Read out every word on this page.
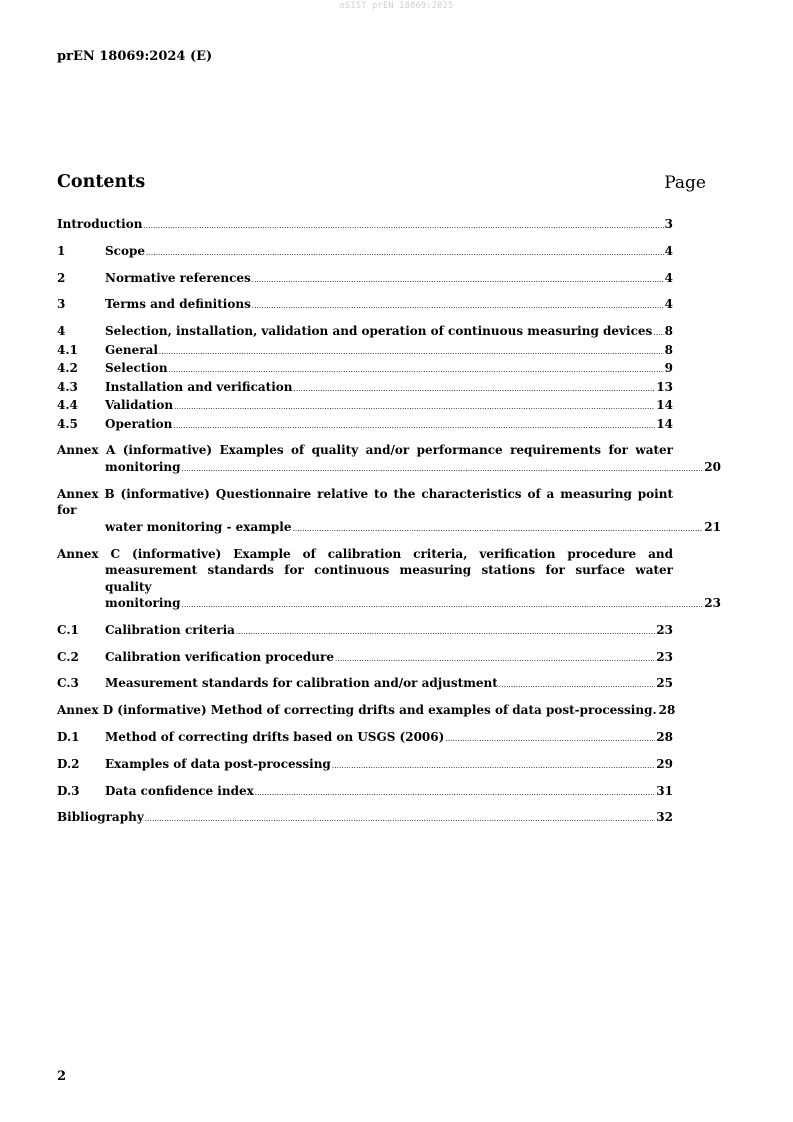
oSIST prEN 18069:2025
prEN 18069:2024 (E)
Contents	Page
Introduction .....	3
1	Scope .....	4
2	Normative references .....	4
3	Terms and definitions .....	4
4	Selection, installation, validation and operation of continuous measuring devices ..... 8
4.1	General .....	8
4.2	Selection .....	9
4.3	Installation and verification .....	13
4.4	Validation .....	14
4.5	Operation .....	14
Annex A (informative) Examples of quality and/or performance requirements for water
monitoring .....	20
Annex B (informative) Questionnaire relative to the characteristics of a measuring point for
water monitoring - example .....	21
Annex C (informative) Example of calibration criteria, verification procedure and
measurement standards for continuous measuring stations for surface water quality
monitoring .....	23
C.1	Calibration criteria .....	23
C.2	Calibration verification procedure .....	23
C.3	Measurement standards for calibration and/or adjustment .....	25
Annex D (informative) Method of correcting drifts and examples of data post-processing. 28
D.1	Method of correcting drifts based on USGS (2006) .....	28
D.2	Examples of data post-processing .....	29
D.3	Data confidence index .....	31
Bibliography .....	32
2
